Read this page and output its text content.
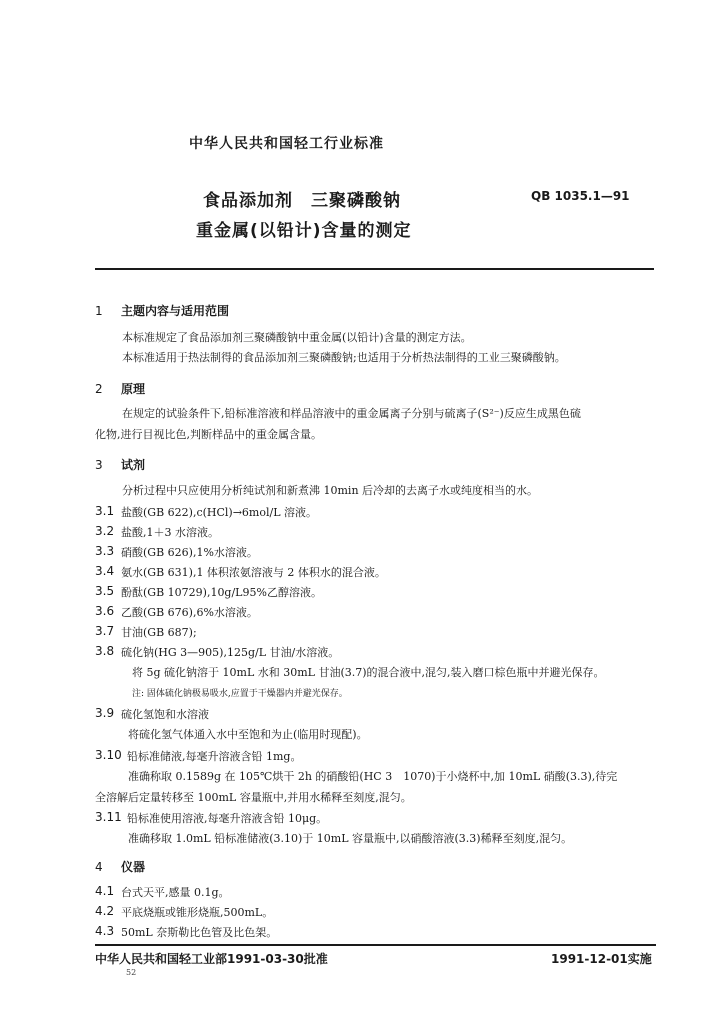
中华人民共和国轻工行业标准
食品添加剂　三聚磷酸钠
重金属(以铅计)含量的测定
QB 1035.1—91
1 主题内容与适用范围
本标准规定了食品添加剂三聚磷酸钠中重金属(以铅计)含量的测定方法。
本标准适用于热法制得的食品添加剂三聚磷酸钠;也适用于分析热法制得的工业三聚磷酸钠。
2 原理
在规定的试验条件下,铅标准溶液和样品溶液中的重金属离子分别与硫离子(S²⁻)反应生成黑色硫
化物,进行目视比色,判断样品中的重金属含量。
3 试剂
分析过程中只应使用分析纯试剂和新煮沸 10min 后冷却的去离子水或纯度相当的水。
3.1 盐酸(GB 622),c(HCl)→6mol/L 溶液。
3.2 盐酸,1＋3 水溶液。
3.3 硝酸(GB 626),1%水溶液。
3.4 氨水(GB 631),1 体积浓氨溶液与 2 体积水的混合液。
3.5 酚酞(GB 10729),10g/L95%乙醇溶液。
3.6 乙酸(GB 676),6%水溶液。
3.7 甘油(GB 687);
3.8 硫化钠(HG 3—905),125g/L 甘油/水溶液。
将 5g 硫化钠溶于 10mL 水和 30mL 甘油(3.7)的混合液中,混匀,装入磨口棕色瓶中并避光保存。
注: 固体硫化钠极易吸水,应置于干燥器内并避光保存。
3.9 硫化氢饱和水溶液
将硫化氢气体通入水中至饱和为止(临用时现配)。
3.10 铅标准储液,每毫升溶液含铅 1mg。
准确称取 0.1589g 在 105℃烘干 2h 的硝酸铅(HC 3　1070)于小烧杯中,加 10mL 硝酸(3.3),待完
全溶解后定量转移至 100mL 容量瓶中,并用水稀释至刻度,混匀。
3.11 铅标准使用溶液,每毫升溶液含铅 10μg。
准确移取 1.0mL 铅标准储液(3.10)于 10mL 容量瓶中,以硝酸溶液(3.3)稀释至刻度,混匀。
4 仪器
4.1 台式天平,感量 0.1g。
4.2 平底烧瓶或锥形烧瓶,500mL。
4.3 50mL 奈斯勒比色管及比色架。
中华人民共和国轻工业部1991-03-30批准	1991-12-01实施
52
